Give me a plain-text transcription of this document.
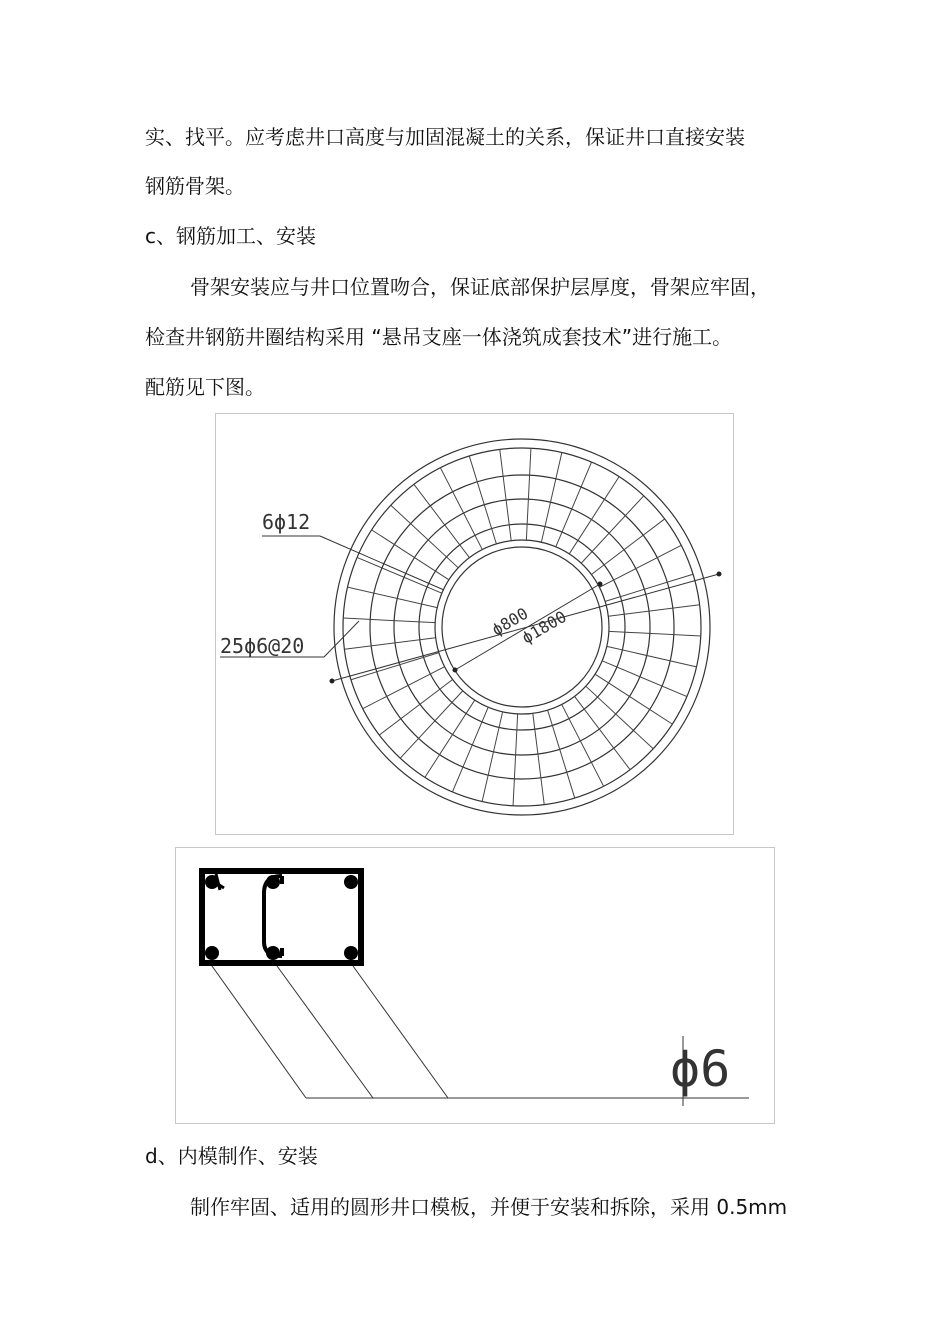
实、找平。应考虑井口高度与加固混凝土的关系，保证井口直接安装
钢筋骨架。
c、钢筋加工、安装
骨架安装应与井口位置吻合，保证底部保护层厚度，骨架应牢固，
检查井钢筋井圈结构采用 “悬吊支座一体浇筑成套技术”进行施工。
配筋见下图。
6ϕ12
25ϕ6@20
ϕ800
ϕ1800
ϕ6
d、内模制作、安装
制作牢固、适用的圆形井口模板，并便于安装和拆除，采用 0.5mm
